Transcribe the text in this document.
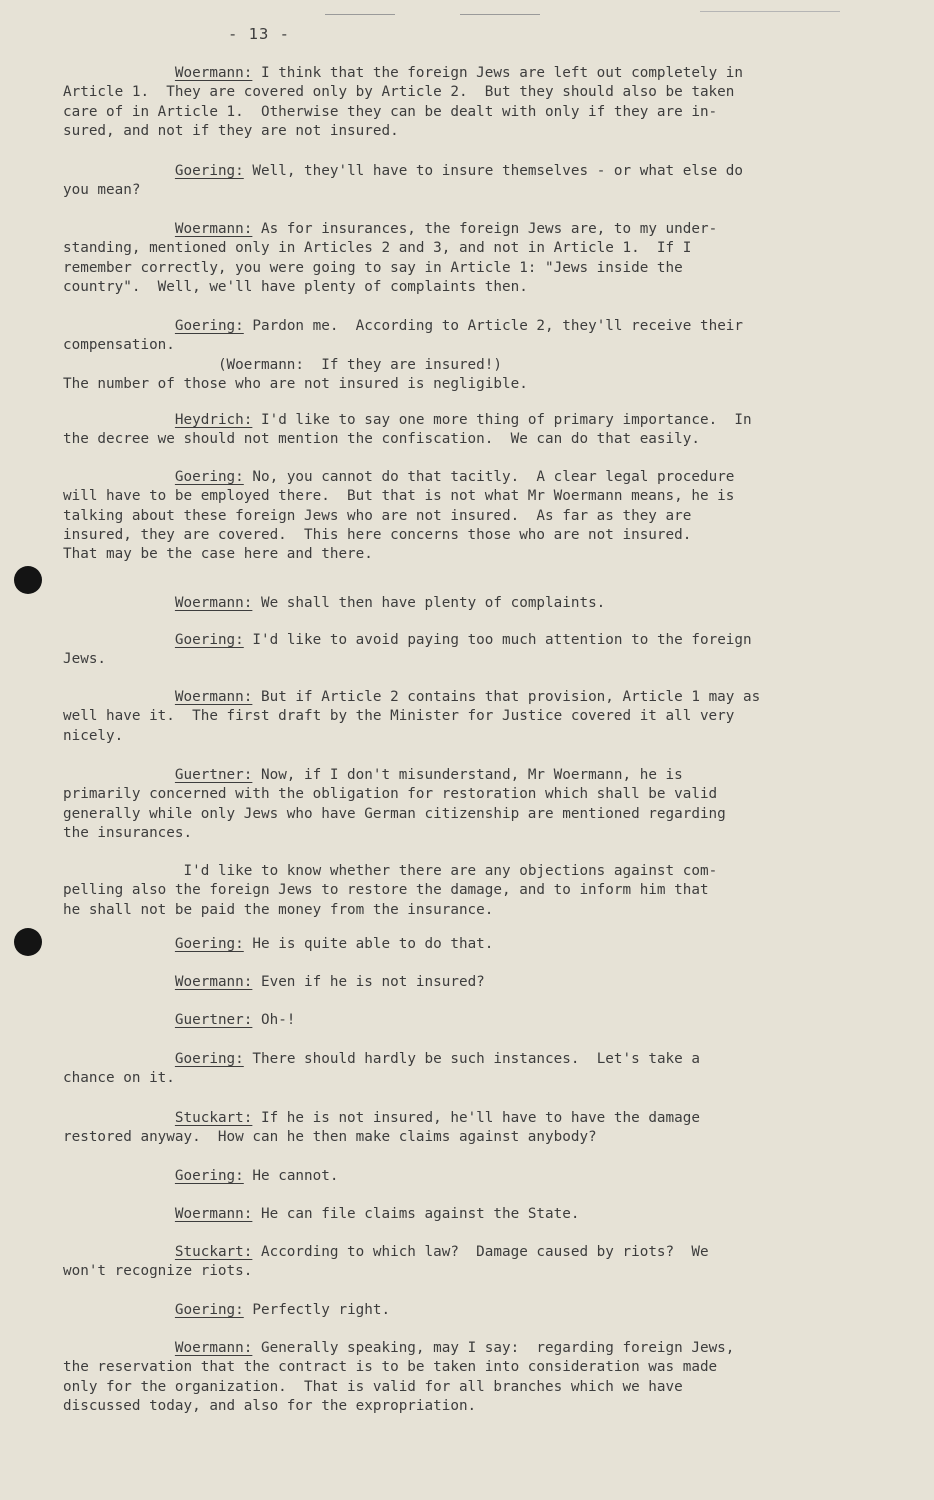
- 13 -
Woermann: I think that the foreign Jews are left out completely in
Article 1.  They are covered only by Article 2.  But they should also be taken
care of in Article 1.  Otherwise they can be dealt with only if they are in-
sured, and not if they are not insured.
Goering: Well, they'll have to insure themselves - or what else do
you mean?
Woermann: As for insurances, the foreign Jews are, to my under-
standing, mentioned only in Articles 2 and 3, and not in Article 1.  If I
remember correctly, you were going to say in Article 1: "Jews inside the
country".  Well, we'll have plenty of complaints then.
Goering: Pardon me.  According to Article 2, they'll receive their
compensation.
(Woermann:  If they are insured!)
The number of those who are not insured is negligible.
Heydrich: I'd like to say one more thing of primary importance.  In
the decree we should not mention the confiscation.  We can do that easily.
Goering: No, you cannot do that tacitly.  A clear legal procedure
will have to be employed there.  But that is not what Mr Woermann means, he is
talking about these foreign Jews who are not insured.  As far as they are
insured, they are covered.  This here concerns those who are not insured.
That may be the case here and there.
Woermann: We shall then have plenty of complaints.
Goering: I'd like to avoid paying too much attention to the foreign
Jews.
Woermann: But if Article 2 contains that provision, Article 1 may as
well have it.  The first draft by the Minister for Justice covered it all very
nicely.
Guertner: Now, if I don't misunderstand, Mr Woermann, he is
primarily concerned with the obligation for restoration which shall be valid
generally while only Jews who have German citizenship are mentioned regarding
the insurances.
I'd like to know whether there are any objections against com-
pelling also the foreign Jews to restore the damage, and to inform him that
he shall not be paid the money from the insurance.
Goering: He is quite able to do that.
Woermann: Even if he is not insured?
Guertner: Oh-!
Goering: There should hardly be such instances.  Let's take a
chance on it.
Stuckart: If he is not insured, he'll have to have the damage
restored anyway.  How can he then make claims against anybody?
Goering: He cannot.
Woermann: He can file claims against the State.
Stuckart: According to which law?  Damage caused by riots?  We
won't recognize riots.
Goering: Perfectly right.
Woermann: Generally speaking, may I say:  regarding foreign Jews,
the reservation that the contract is to be taken into consideration was made
only for the organization.  That is valid for all branches which we have
discussed today, and also for the expropriation.
